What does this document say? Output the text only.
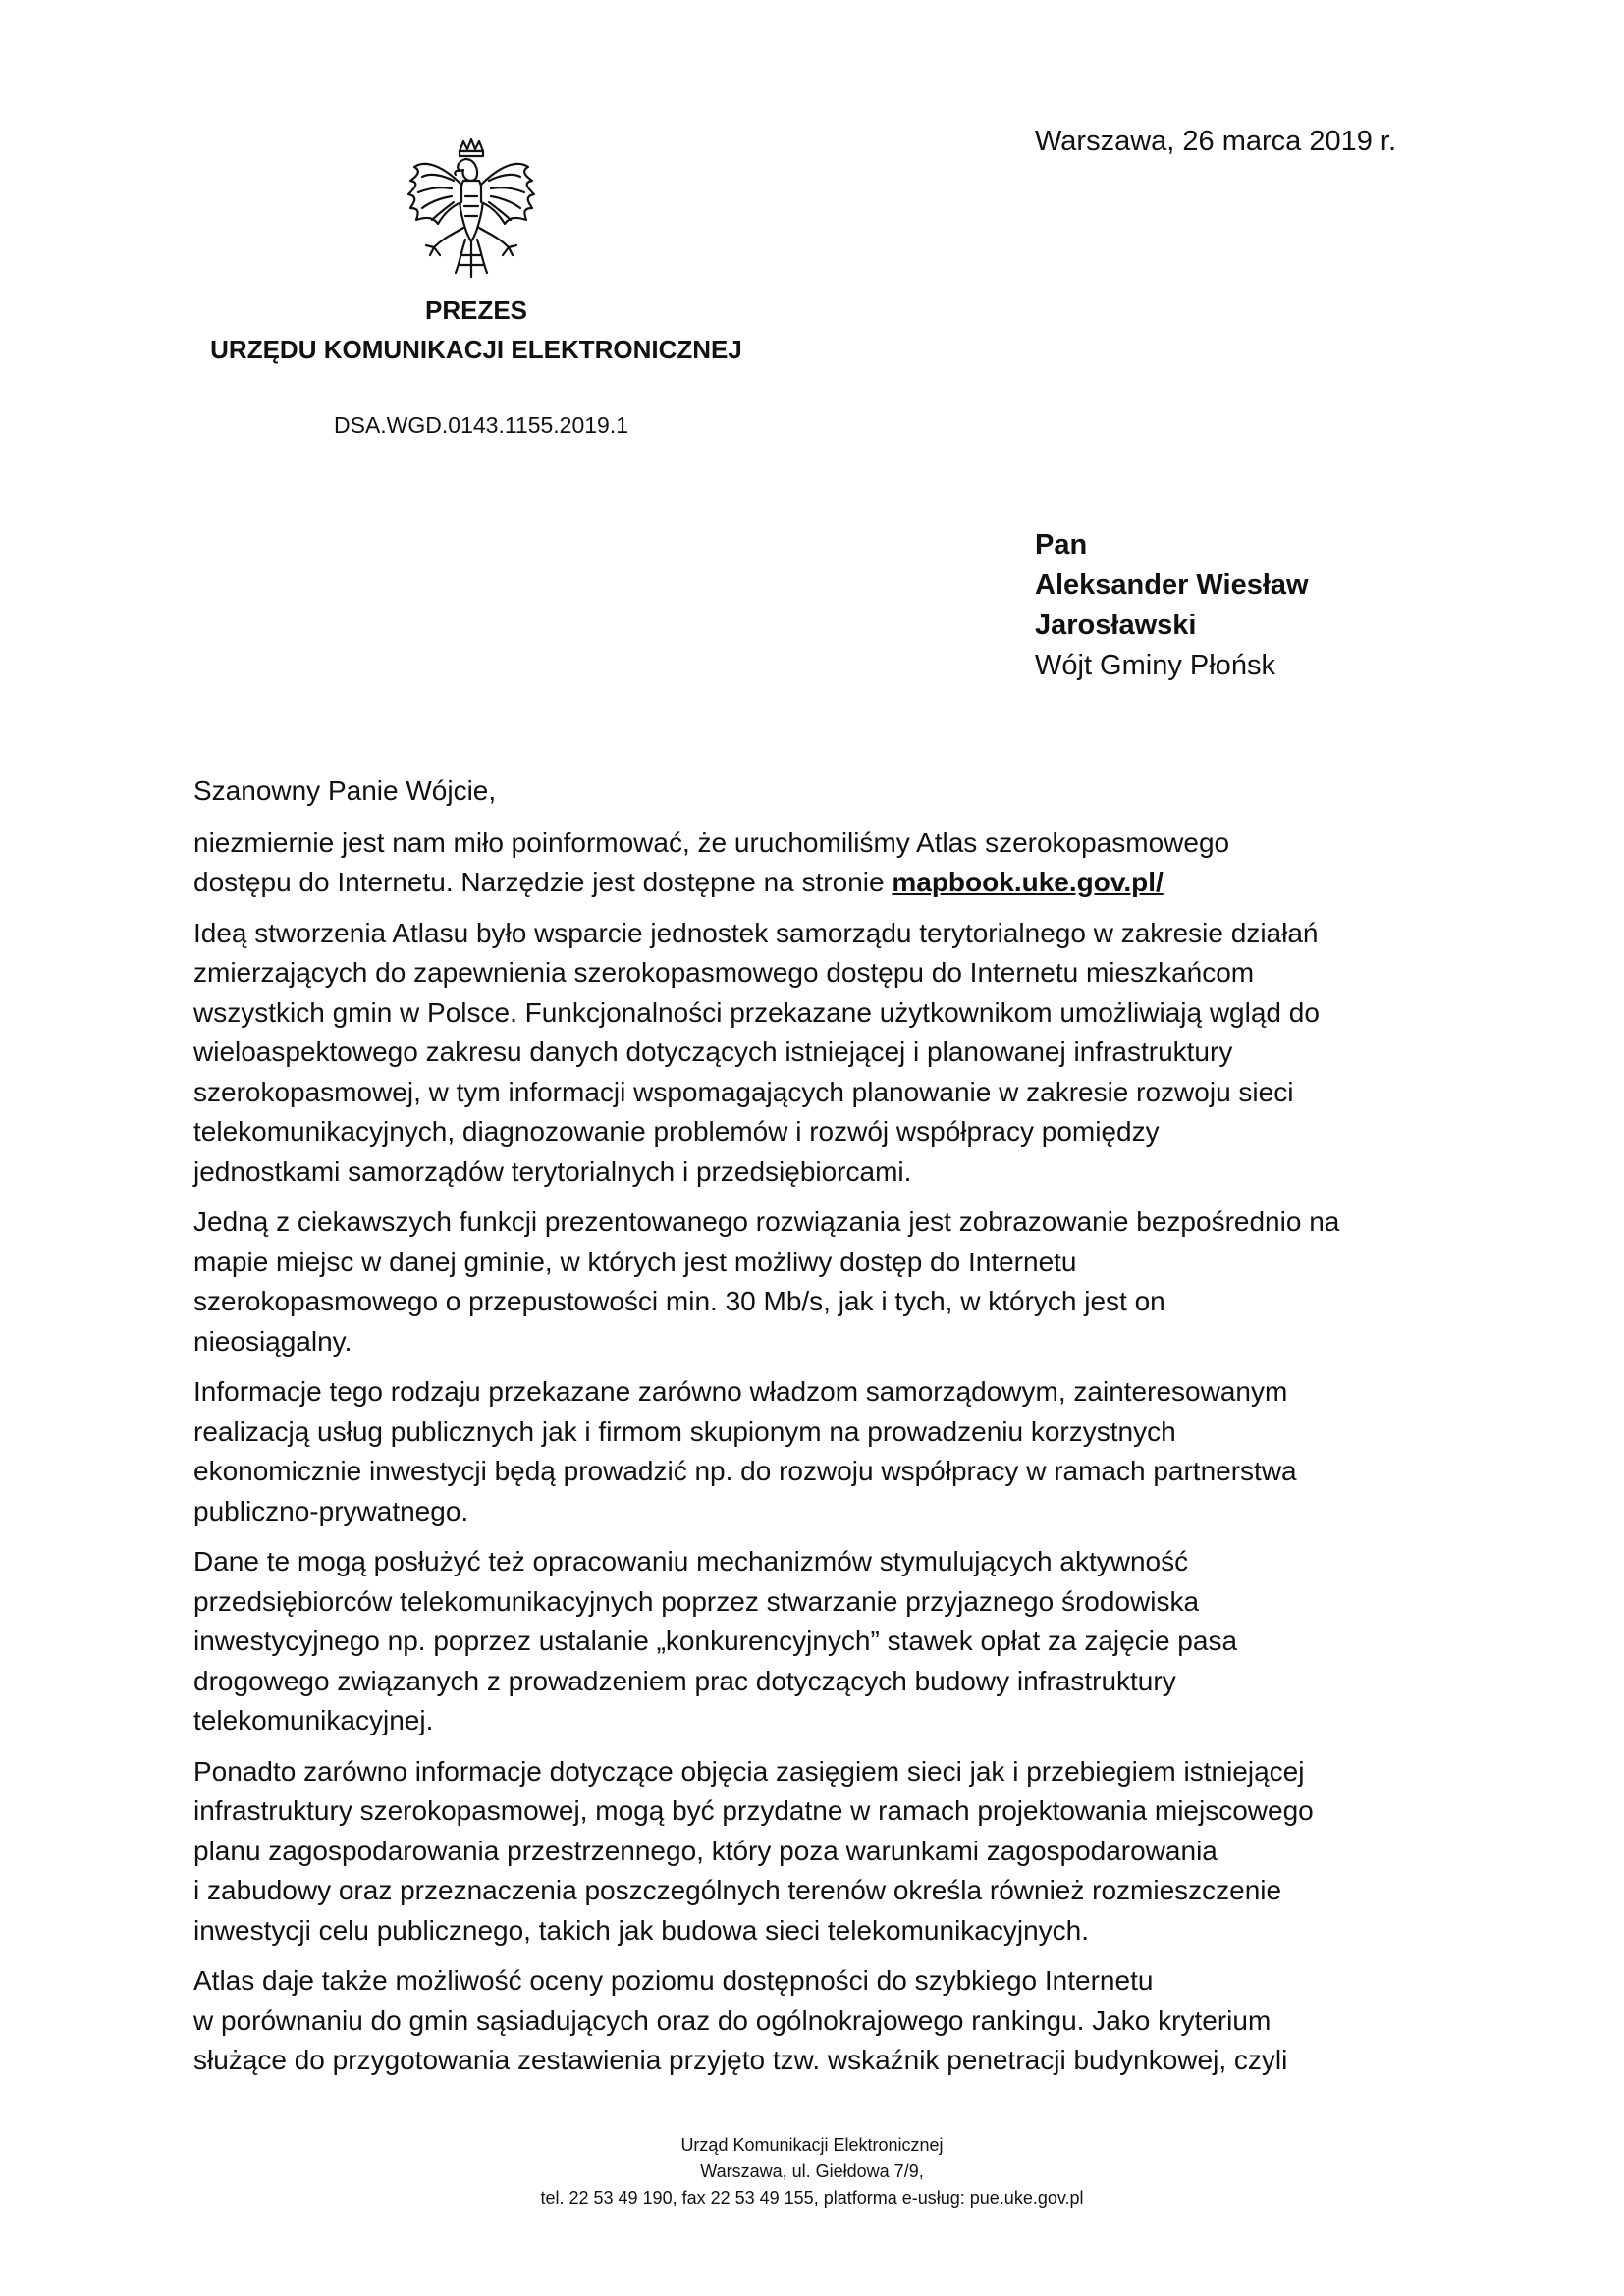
Warszawa, 26 marca 2019 r.
PREZES
URZĘDU KOMUNIKACJI ELEKTRONICZNEJ
DSA.WGD.0143.1155.2019.1
Pan
Aleksander Wiesław
Jarosławski
Wójt Gminy Płońsk
Szanowny Panie Wójcie,
niezmiernie jest nam miło poinformować, że uruchomiliśmy Atlas szerokopasmowego
dostępu do Internetu. Narzędzie jest dostępne na stronie mapbook.uke.gov.pl/
Ideą stworzenia Atlasu było wsparcie jednostek samorządu terytorialnego w zakresie działań
zmierzających do zapewnienia szerokopasmowego dostępu do Internetu mieszkańcom
wszystkich gmin w Polsce. Funkcjonalności przekazane użytkownikom umożliwiają wgląd do
wieloaspektowego zakresu danych dotyczących istniejącej i planowanej infrastruktury
szerokopasmowej, w tym informacji wspomagających planowanie w zakresie rozwoju sieci
telekomunikacyjnych, diagnozowanie problemów i rozwój współpracy pomiędzy
jednostkami samorządów terytorialnych i przedsiębiorcami.
Jedną z ciekawszych funkcji prezentowanego rozwiązania jest zobrazowanie bezpośrednio na
mapie miejsc w danej gminie, w których jest możliwy dostęp do Internetu
szerokopasmowego o przepustowości min. 30 Mb/s, jak i tych, w których jest on
nieosiągalny.
Informacje tego rodzaju przekazane zarówno władzom samorządowym, zainteresowanym
realizacją usług publicznych jak i firmom skupionym na prowadzeniu korzystnych
ekonomicznie inwestycji będą prowadzić np. do rozwoju współpracy w ramach partnerstwa
publiczno-prywatnego.
Dane te mogą posłużyć też opracowaniu mechanizmów stymulujących aktywność
przedsiębiorców telekomunikacyjnych poprzez stwarzanie przyjaznego środowiska
inwestycyjnego np. poprzez ustalanie „konkurencyjnych” stawek opłat za zajęcie pasa
drogowego związanych z prowadzeniem prac dotyczących budowy infrastruktury
telekomunikacyjnej.
Ponadto zarówno informacje dotyczące objęcia zasięgiem sieci jak i przebiegiem istniejącej
infrastruktury szerokopasmowej, mogą być przydatne w ramach projektowania miejscowego
planu zagospodarowania przestrzennego, który poza warunkami zagospodarowania
i zabudowy oraz przeznaczenia poszczególnych terenów określa również rozmieszczenie
inwestycji celu publicznego, takich jak budowa sieci telekomunikacyjnych.
Atlas daje także możliwość oceny poziomu dostępności do szybkiego Internetu
w porównaniu do gmin sąsiadujących oraz do ogólnokrajowego rankingu. Jako kryterium
służące do przygotowania zestawienia przyjęto tzw. wskaźnik penetracji budynkowej, czyli
Urząd Komunikacji Elektronicznej
Warszawa, ul. Giełdowa 7/9,
tel. 22 53 49 190, fax 22 53 49 155, platforma e-usług: pue.uke.gov.pl
